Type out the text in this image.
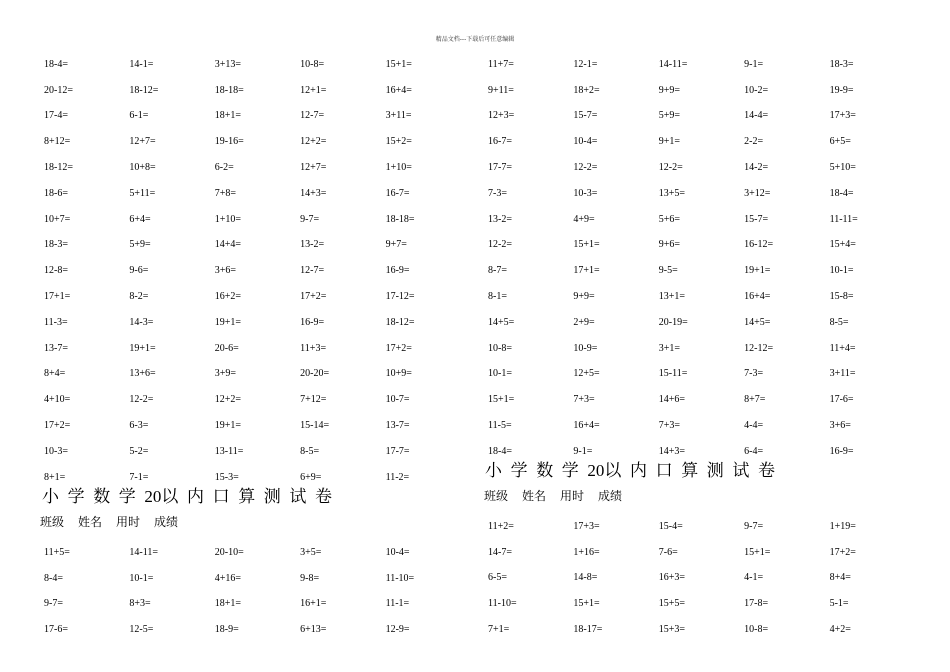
精品文档---下载后可任意编辑
18-4=	14-1=	3+13=	10-8=	15+1=
20-12=	18-12=	18-18=	12+1=	16+4=
17-4=	6-1=	18+1=	12-7=	3+11=
8+12=	12+7=	19-16=	12+2=	15+2=
18-12=	10+8=	6-2=	12+7=	1+10=
18-6=	5+11=	7+8=	14+3=	16-7=
10+7=	6+4=	1+10=	9-7=	18-18=
18-3=	5+9=	14+4=	13-2=	9+7=
12-8=	9-6=	3+6=	12-7=	16-9=
17+1=	8-2=	16+2=	17+2=	17-12=
11-3=	14-3=	19+1=	16-9=	18-12=
13-7=	19+1=	20-6=	11+3=	17+2=
8+4=	13+6=	3+9=	20-20=	10+9=
4+10=	12-2=	12+2=	7+12=	10-7=
17+2=	6-3=	19+1=	15-14=	13-7=
10-3=	5-2=	13-11=	8-5=	17-7=
8+1=	7-1=	15-3=	6+9=	11-2=
11+7=	12-1=	14-11=	9-1=	18-3=
9+11=	18+2=	9+9=	10-2=	19-9=
12+3=	15-7=	5+9=	14-4=	17+3=
16-7=	10-4=	9+1=	2-2=	6+5=
17-7=	12-2=	12-2=	14-2=	5+10=
7-3=	10-3=	13+5=	3+12=	18-4=
13-2=	4+9=	5+6=	15-7=	11-11=
12-2=	15+1=	9+6=	16-12=	15+4=
8-7=	17+1=	9-5=	19+1=	10-1=
8-1=	9+9=	13+1=	16+4=	15-8=
14+5=	2+9=	20-19=	14+5=	8-5=
10-8=	10-9=	3+1=	12-12=	11+4=
10-1=	12+5=	15-11=	7-3=	3+11=
15+1=	7+3=	14+6=	8+7=	17-6=
11-5=	16+4=	7+3=	4-4=	3+6=
18-4=	9-1=	14+3=	6-4=	16-9=
小学数学20以内口算测试卷
班级 姓名 用时 成绩
11+5=	14-11=	20-10=	3+5=	10-4=
8-4=	10-1=	4+16=	9-8=	11-10=
9-7=	8+3=	18+1=	16+1=	11-1=
17-6=	12-5=	18-9=	6+13=	12-9=
小学数学20以内口算测试卷
班级 姓名 用时 成绩
11+2=	17+3=	15-4=	9-7=	1+19=
14-7=	1+16=	7-6=	15+1=	17+2=
6-5=	14-8=	16+3=	4-1=	8+4=
11-10=	15+1=	15+5=	17-8=	5-1=
7+1=	18-17=	15+3=	10-8=	4+2=
